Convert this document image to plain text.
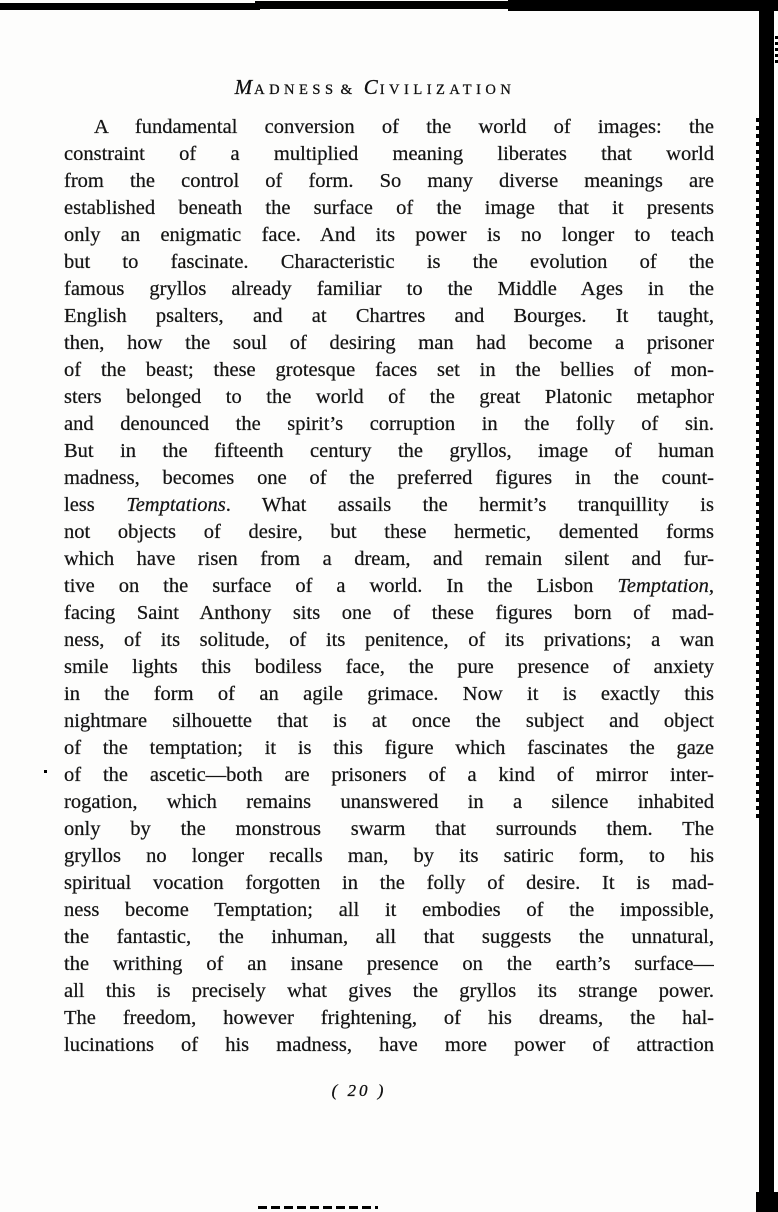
MADNESS & CIVILIZATION
A fundamental conversion of the world of images: the
constraint of a multiplied meaning liberates that world
from the control of form. So many diverse meanings are
established beneath the surface of the image that it presents
only an enigmatic face. And its power is no longer to teach
but to fascinate. Characteristic is the evolution of the
famous gryllos already familiar to the Middle Ages in the
English psalters, and at Chartres and Bourges. It taught,
then, how the soul of desiring man had become a prisoner
of the beast; these grotesque faces set in the bellies of mon-
sters belonged to the world of the great Platonic metaphor
and denounced the spirit’s corruption in the folly of sin.
But in the fifteenth century the gryllos, image of human
madness, becomes one of the preferred figures in the count-
less Temptations. What assails the hermit’s tranquillity is
not objects of desire, but these hermetic, demented forms
which have risen from a dream, and remain silent and fur-
tive on the surface of a world. In the Lisbon Temptation,
facing Saint Anthony sits one of these figures born of mad-
ness, of its solitude, of its penitence, of its privations; a wan
smile lights this bodiless face, the pure presence of anxiety
in the form of an agile grimace. Now it is exactly this
nightmare silhouette that is at once the subject and object
of the temptation; it is this figure which fascinates the gaze
of the ascetic—both are prisoners of a kind of mirror inter-
rogation, which remains unanswered in a silence inhabited
only by the monstrous swarm that surrounds them. The
gryllos no longer recalls man, by its satiric form, to his
spiritual vocation forgotten in the folly of desire. It is mad-
ness become Temptation; all it embodies of the impossible,
the fantastic, the inhuman, all that suggests the unnatural,
the writhing of an insane presence on the earth’s surface—
all this is precisely what gives the gryllos its strange power.
The freedom, however frightening, of his dreams, the hal-
lucinations of his madness, have more power of attraction
( 20 )
